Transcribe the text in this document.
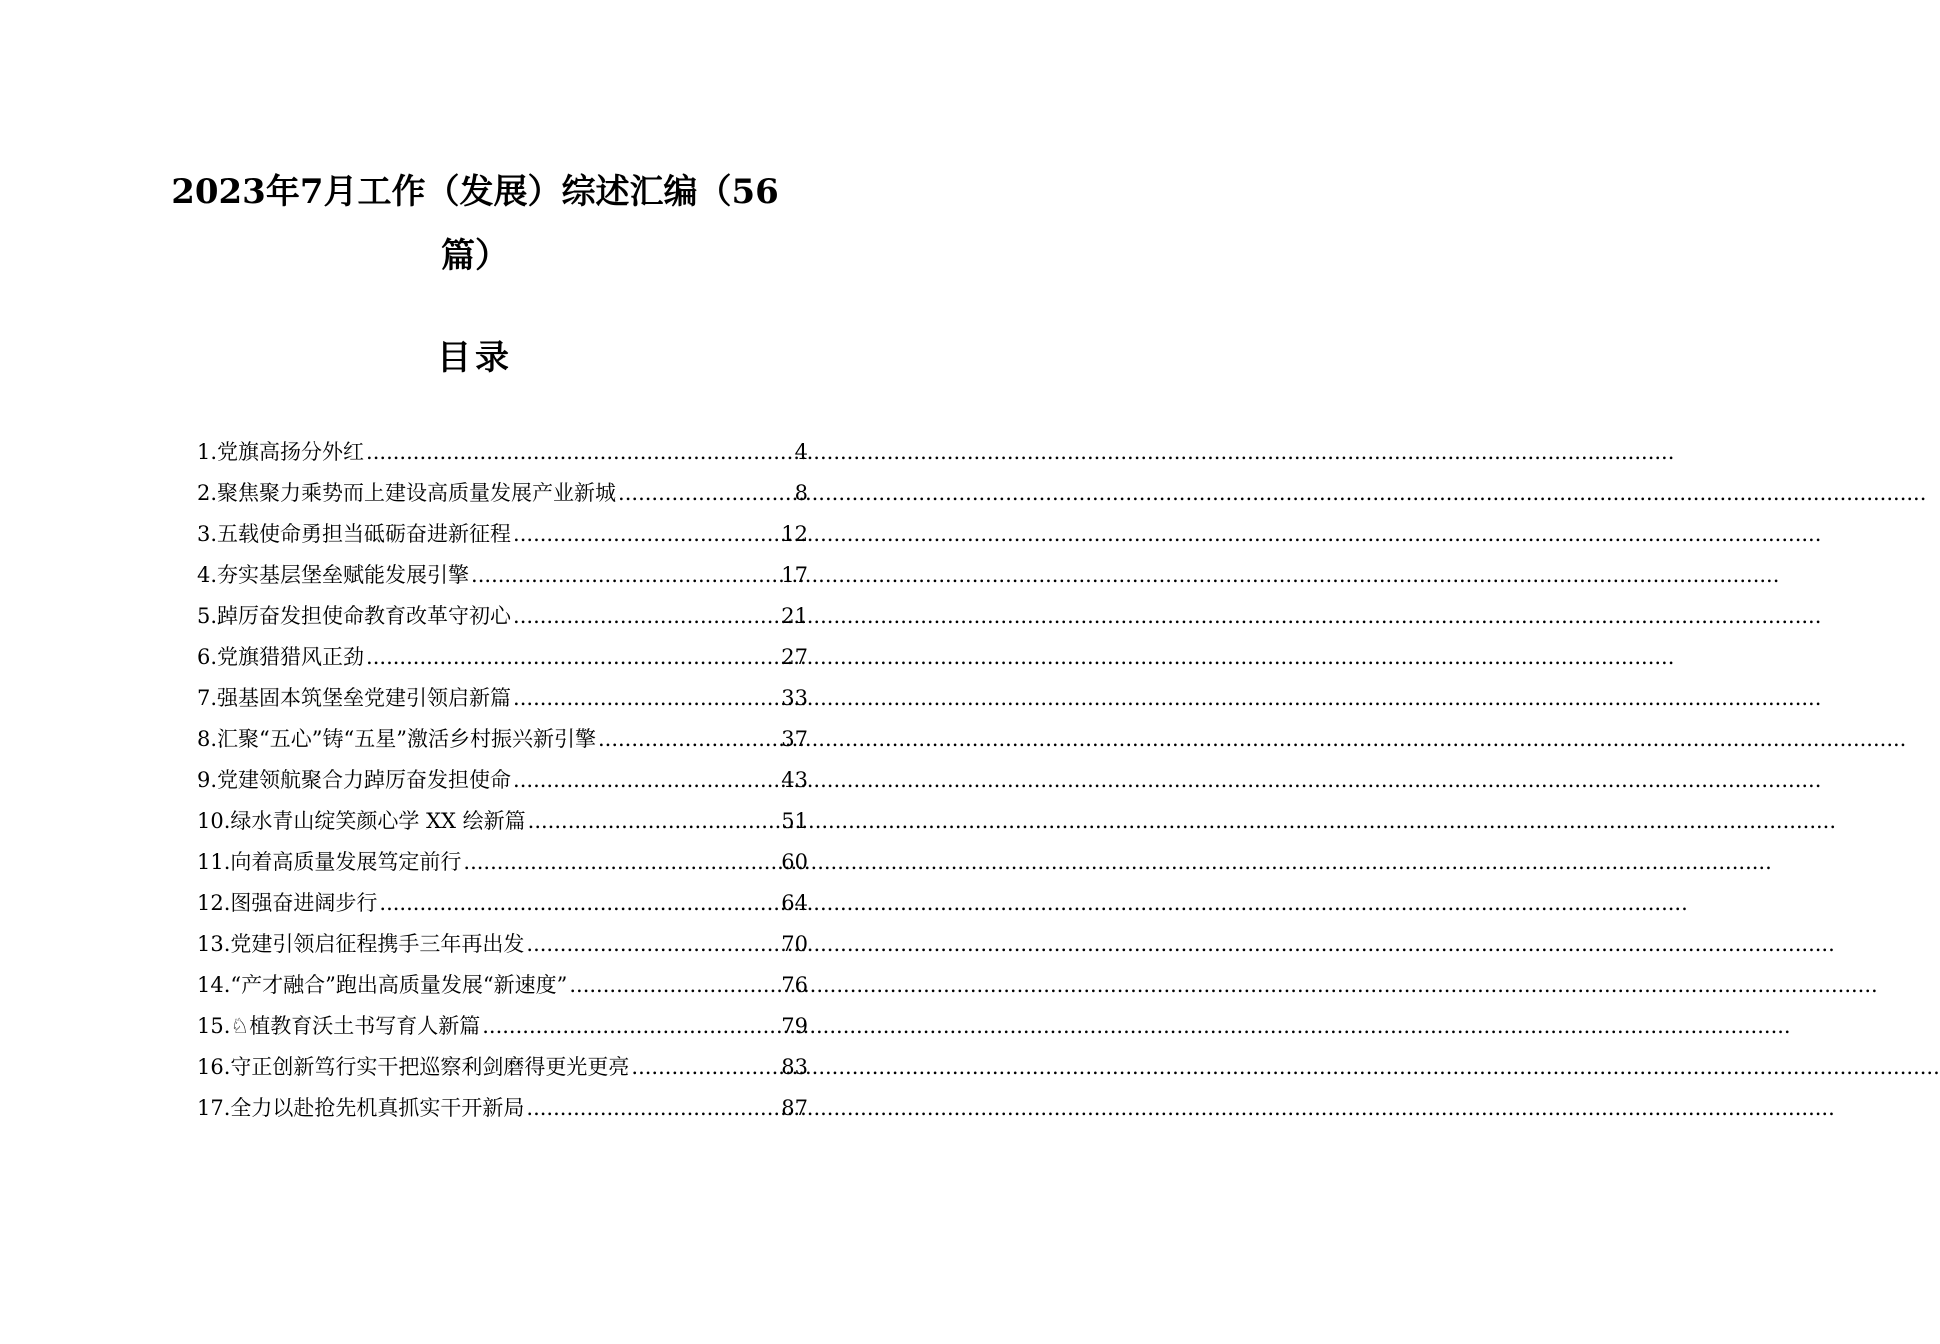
2023年7月工作（发展）综述汇编（56篇）
目录
1.党旗高扬分外红 .....	4
2.聚焦聚力乘势而上建设高质量发展产业新城 .....	8
3.五载使命勇担当砥砺奋进新征程 .....	12
4.夯实基层堡垒赋能发展引擎 .....	17
5.踔厉奋发担使命教育改革守初心 .....	21
6.党旗猎猎风正劲 .....	27
7.强基固本筑堡垒党建引领启新篇 .....	33
8.汇聚“五心”铸“五星”激活乡村振兴新引擎 .....	37
9.党建领航聚合力踔厉奋发担使命 .....	43
10.绿水青山绽笑颜心学 XX 绘新篇 .....	51
11.向着高质量发展笃定前行 .....	60
12.图强奋进阔步行 .....	64
13.党建引领启征程携手三年再出发 .....	70
14.“产才融合”跑出高质量发展“新速度” .....	76
15.♘植教育沃土书写育人新篇 .....	79
16.守正创新笃行实干把巡察利剑磨得更光更亮 .....	83
17.全力以赴抢先机真抓实干开新局 .....	87
